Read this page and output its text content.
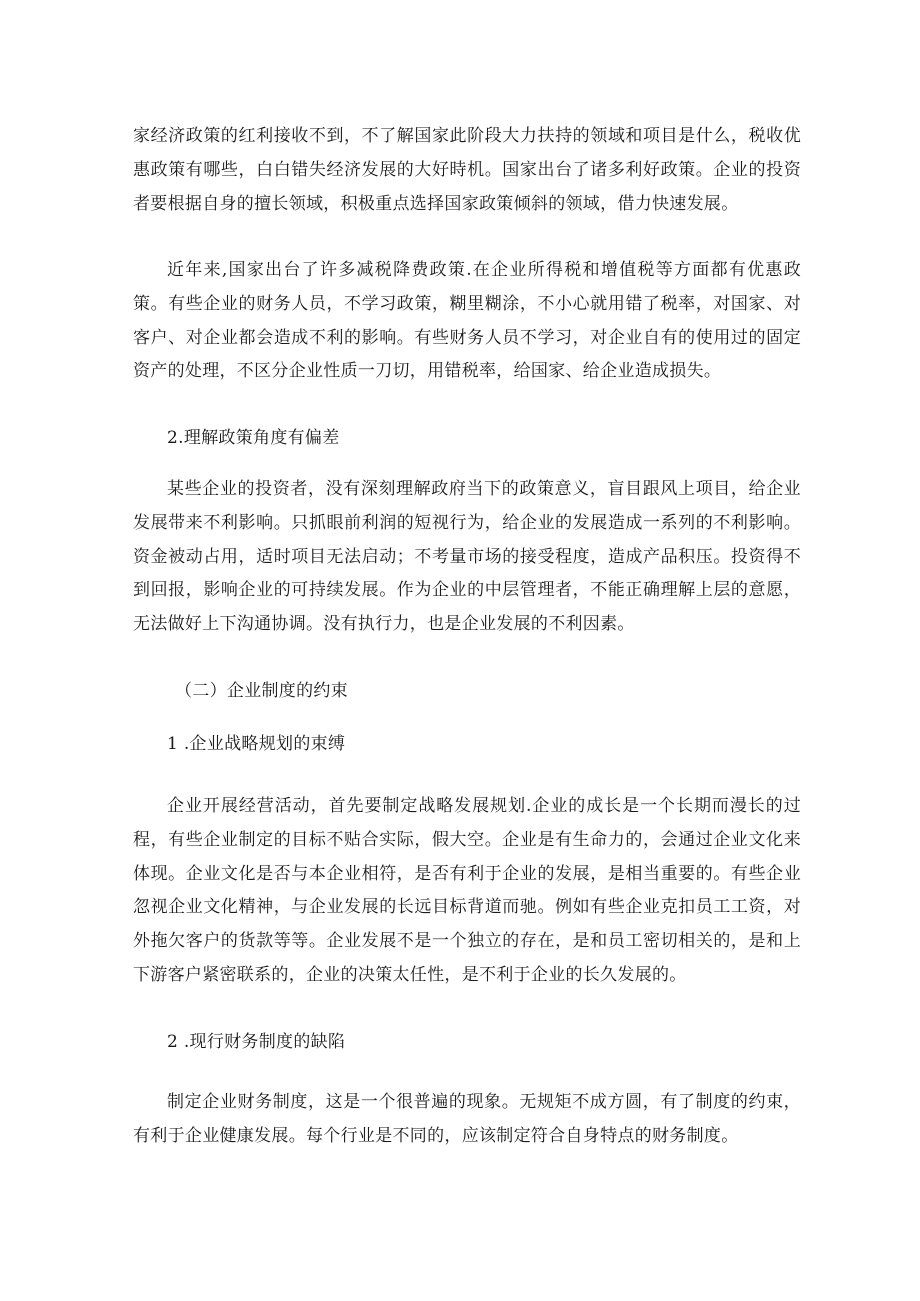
家经济政策的红利接收不到，不了解国家此阶段大力扶持的领域和项目是什么，税收优惠政策有哪些，白白错失经济发展的大好時机。国家出台了诸多利好政策。企业的投资者要根据自身的擅长领域，积极重点选择国家政策倾斜的领域，借力快速发展。

近年来,国家出台了许多减税降费政策.在企业所得税和增值税等方面都有优惠政策。有些企业的财务人员，不学习政策，糊里糊涂，不小心就用错了税率，对国家、对客户、对企业都会造成不利的影响。有些财务人员不学习，对企业自有的使用过的固定资产的处理，不区分企业性质一刀切，用错税率，给国家、给企业造成损失。

2.理解政策角度有偏差

某些企业的投资者，没有深刻理解政府当下的政策意义，盲目跟风上项目，给企业发展带来不利影响。只抓眼前利润的短视行为，给企业的发展造成一系列的不利影响。资金被动占用，适时项目无法启动；不考量市场的接受程度，造成产品积压。投资得不到回报，影响企业的可持续发展。作为企业的中层管理者，不能正确理解上层的意愿，无法做好上下沟通协调。没有执行力，也是企业发展的不利因素。

（二）企业制度的约束

1 .企业战略规划的束缚

企业开展经营活动，首先要制定战略发展规划.企业的成长是一个长期而漫长的过程，有些企业制定的目标不贴合实际，假大空。企业是有生命力的，会通过企业文化来体现。企业文化是否与本企业相符，是否有利于企业的发展，是相当重要的。有些企业忽视企业文化精神，与企业发展的长远目标背道而驰。例如有些企业克扣员工工资，对外拖欠客户的货款等等。企业发展不是一个独立的存在，是和员工密切相关的，是和上下游客户紧密联系的，企业的决策太任性，是不利于企业的长久发展的。

2 .现行财务制度的缺陷

制定企业财务制度，这是一个很普遍的现象。无规矩不成方圆，有了制度的约束，有利于企业健康发展。每个行业是不同的，应该制定符合自身特点的财务制度。
